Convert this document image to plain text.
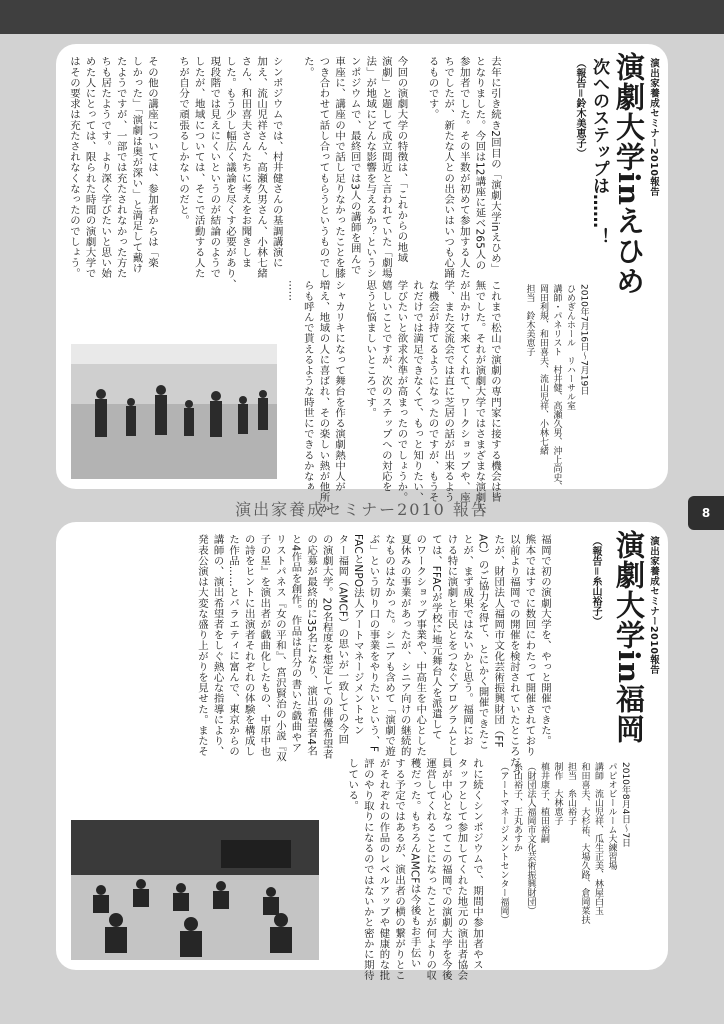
演出家養成セミナー2010報告
演劇大学inえひめ
次へのステップは……！
（報告＝鈴木美恵子）
2010年7月16日〜7月19日
ひめぎんホール　リハーサル室
講師・パネリスト　村井健、高瀬久男、沖上尚史、
岡田利規、和田喜夫、流山児祥、小林七緒
担当　鈴木美恵子
去年に引き続き2回目の「演劇大学inえひめ」
となりました。今回は12講座に延べ265人の
参加者でした。その半数が初めて参加する人た
ちでしたが、新たな人との出会いはいつも心踊
るものです。

今回の演劇大学の特徴は、「これからの地域
演劇」と題して成立間近と言われていた「劇場
法」が地域にどんな影響を与えるか？というシ
ンポジウムで、最終回では3人の講師を囲んで
車座に、講座の中で話し足りなかったことを膝
つき合わせて話し合ってもらうというものでし
た。

シンポジウムでは、村井健さんの基調講演に
加え、流山児祥さん、高瀬久男さん、小林七緒
さん、和田喜夫さんたちに考えをお聞きしま
した。もう少し幅広く議論を尽くす必要があり、
現段階では見えにくいというのが結論のようで
したが、地域については、そこで活動する人た
ちが自分で頑張るしかないのだと。

その他の講座については、参加者からは「楽
しかった」「演劇は奥が深い」と満足して戴け
たようですが、一部では充たされなかった方た
ちも居たようです。より深く学びたいと思い始
めた人にとっては、限られた時間の演劇大学で
はその要求は充たされなくなったのでしょう。
これまで松山で演劇の専門家に接する機会は皆
無でした。それが演劇大学ではさまざまな演劇人
が出かけて来てくれて、ワークショップや、座
学、また交流会では直に芝居の話が出来るよう
な機会が持てるようになったのですが、もうそ
れだけでは満足できなくて、もっと知りたい、
学びたいと欲求水準が高まったのでしょうか。
嬉しいことですが、次のステップへの対応を
思うと悩ましいところです。

シャカリキになって舞台を作る演劇熱中人が
増え、地域の人に喜ばれ、その楽しい熱が他所か
らも呼んで貰えるような時世にできるかなぁ
……
演出家養成セミナー2010 報告	8
演出家養成セミナー2010報告
演劇大学in福岡
（報告＝糸山裕子）
2010年8月4日〜7日
パピオビールーム大練習場
講師　流山児祥、瓜生正美、林屋白玉
和田喜夫、大杉祐、大場久路、倉岡菜扶
担当　糸山裕子
制作　大林恵子
槙井康子、植田裕嗣
（財団法人福岡市文化芸術振興財団）
糸山裕子、王丸あすか
（アートマネージメントセンター福岡）
福岡で初の演劇大学を、やっと開催できた。
熊本ではすでに数回にわたって開催されており
以前より福岡での開催を検討されていたところだっ
たが、財団法人福岡市文化芸術振興財団（FF
AC）のご協力を得て、とにかく開催できたこ
とが、まず成果ではないかと思う。福岡にお
ける特に演劇と市民とをつなぐプログラムとし
ては、FFACが学校に地元舞台人を派遣して
のワークショップ事業や、中高生を中心とした
夏休みの事業があったが、シニア向けの継続的
なものはなかった。シニアも含めて「演劇で遊
ぶ」という切り口の事業をやりたいという、F
FACとNPO法人アートマネージメントセン
ター福岡（AMCF）の思いが一致しての今回
の演劇大学。20名程度を想定しての俳優希望者
の応募が最終的に35名になり、演出希望者4名
と4作品を創作。作品は自分の書いた戯曲やア
リストパネス『女の平和』、宮沢賢治の小説『双
子の星』を演出者が戯曲化したもの、中原中也
の詩をヒントに出演者それぞれの体験を構成し
た作品……とバラエティに富んで、東京からの
講師の、演出希望者をしぐ熱心な指導により、
発表公演は大変な盛り上がりを見せた。またそ
れに続くシンポジウムで、期間中参加者やス
タッフとして参加してくれた地元の演出者協会
員が中心となってこの福岡での演劇大学を今後
運営してくれることになったことが何よりの収
穫だった。もちろんAMCFは今後もお手伝い
する予定ではあるが、演出者の横の繋がりとこ
がそれぞれの作品のレベルアップや健康的な批
評のやり取りになるのではないかと密かに期待
している。
